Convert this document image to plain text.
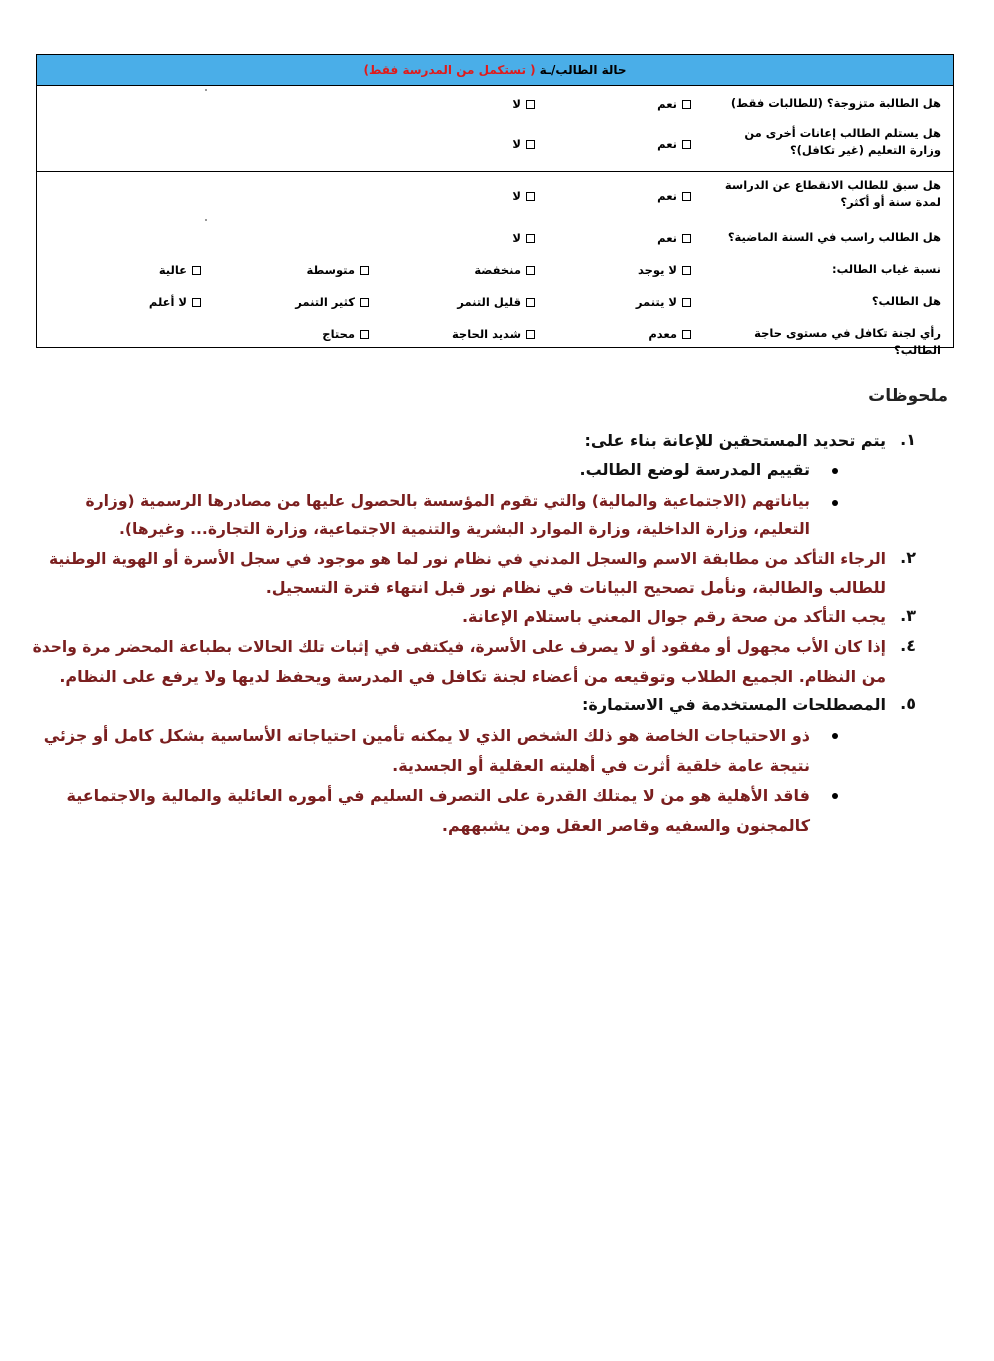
حالة الطالب/ـة
( تستكمل من المدرسة فقط)
هل الطالبة متزوجة؟ (للطالبات فقط)
نعم
لا
هل يستلم الطالب إعانات أخرى من وزارة التعليم (غير تكافل)؟
نعم
لا
هل سبق للطالب الانقطاع عن الدراسة لمدة سنة أو أكثر؟
نعم
لا
هل الطالب راسب في السنة الماضية؟
نعم
لا
نسبة غياب الطالب:
لا يوجد
منخفضة
متوسطة
عالية
هل الطالب؟
لا يتنمر
قليل التنمر
كثير التنمر
لا أعلم
رأي لجنة تكافل في مستوى حاجة الطالب؟
معدم
شديد الحاجة
محتاج
ملحوظات
١.
يتم تحديد المستحقين للإعانة بناء على:
تقييم المدرسة لوضع الطالب.
بياناتهم (الاجتماعية والمالية) والتي تقوم المؤسسة بالحصول عليها من مصادرها الرسمية (وزارة
التعليم، وزارة الداخلية، وزارة الموارد البشرية والتنمية الاجتماعية، وزارة التجارة... وغيرها).
٢.
الرجاء التأكد من مطابقة الاسم والسجل المدني في نظام نور لما هو موجود في سجل الأسرة أو الهوية الوطنية
للطالب والطالبة، ونأمل تصحيح البيانات في نظام نور قبل انتهاء فترة التسجيل.
٣.
يجب التأكد من صحة رقم جوال المعني باستلام الإعانة.
٤.
إذا كان الأب مجهول أو مفقود أو لا يصرف على الأسرة، فيكتفى في إثبات تلك الحالات بطباعة المحضر مرة واحدة
من النظام. الجميع الطلاب وتوقيعه من أعضاء لجنة تكافل في المدرسة ويحفظ لديها ولا يرفع على النظام.
٥.
المصطلحات المستخدمة في الاستمارة:
ذو الاحتياجات الخاصة هو ذلك الشخص الذي لا يمكنه تأمين احتياجاته الأساسية بشكل كامل أو جزئي
نتيجة عامة خلقية أثرت في أهليته العقلية أو الجسدية.
فاقد الأهلية هو من لا يمتلك القدرة على التصرف السليم في أموره العائلية والمالية والاجتماعية
كالمجنون والسفيه وقاصر العقل ومن يشبههم.
